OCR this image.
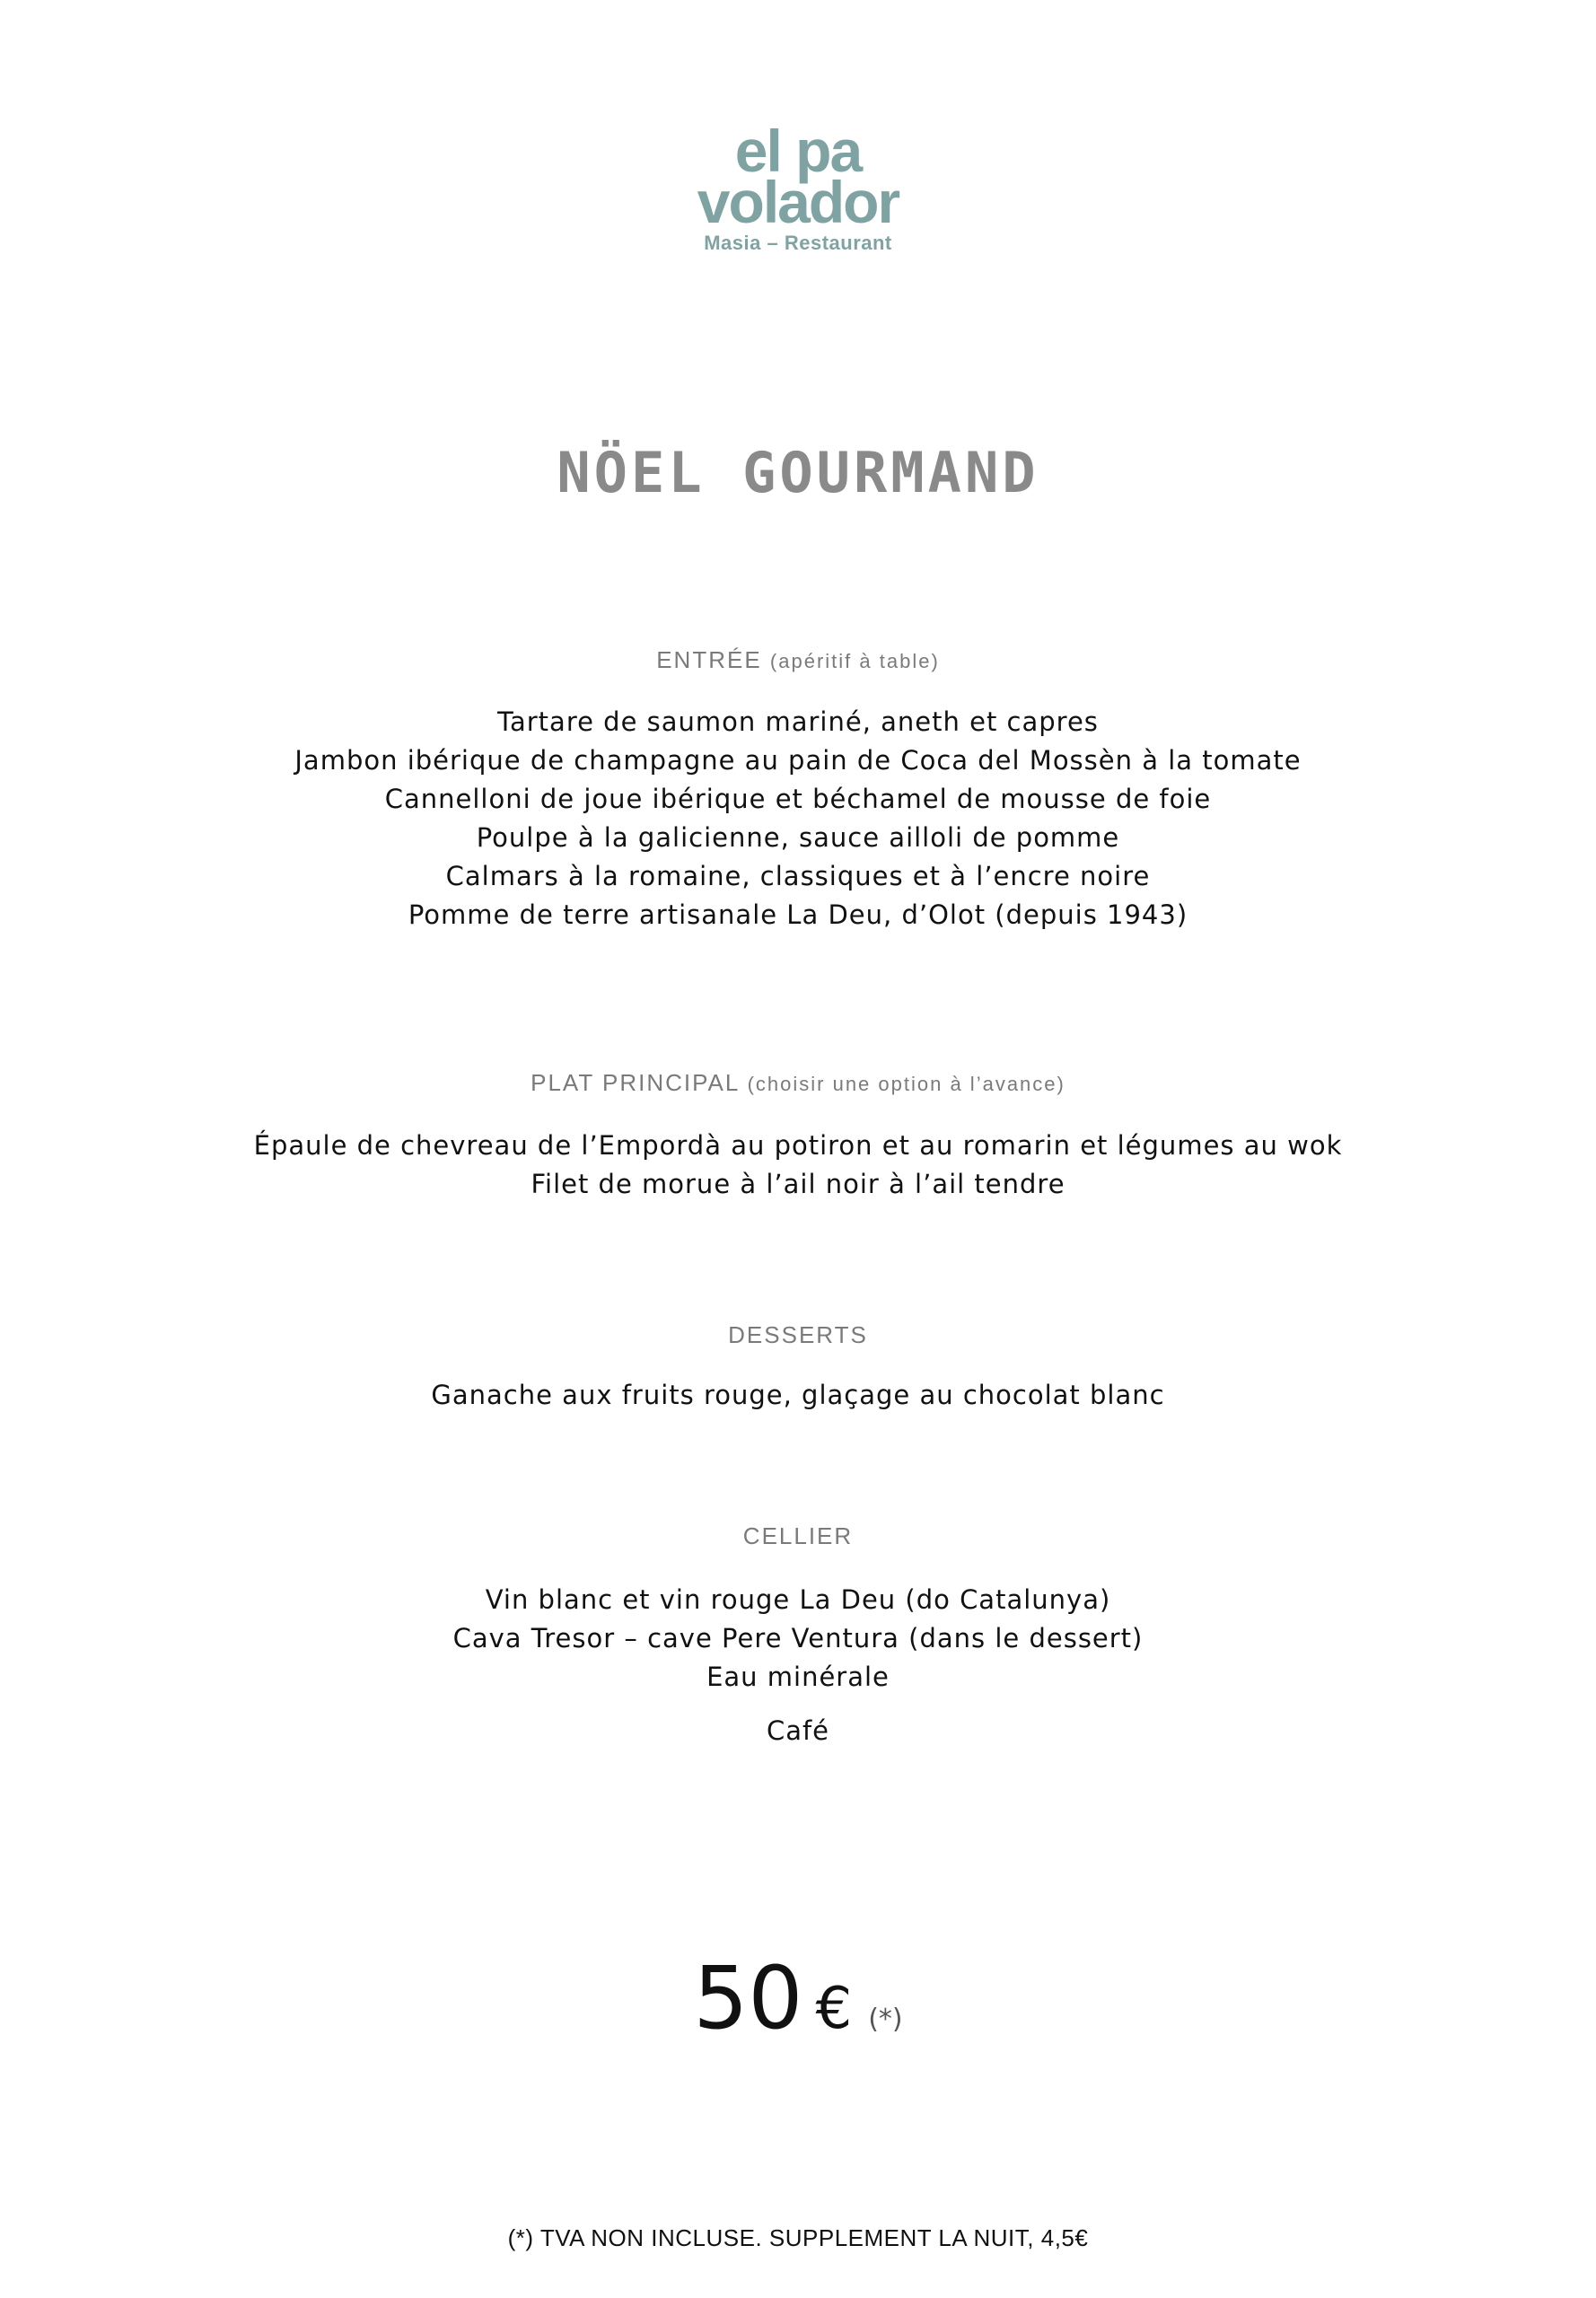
el pa
volador
Masia – Restaurant
NÖEL GOURMAND
ENTRÉE (apéritif à table)
Tartare de saumon mariné, aneth et capres
Jambon ibérique de champagne au pain de Coca del Mossèn à la tomate
Cannelloni de joue ibérique et béchamel de mousse de foie
Poulpe à la galicienne, sauce ailloli de pomme
Calmars à la romaine, classiques et à l’encre noire
Pomme de terre artisanale La Deu, d’Olot (depuis 1943)
PLAT PRINCIPAL (choisir une option à l’avance)
Épaule de chevreau de l’Empordà au potiron et au romarin et légumes au wok
Filet de morue à l’ail noir à l’ail tendre
DESSERTS
Ganache aux fruits rouge, glaçage au chocolat blanc
CELLIER
Vin blanc et vin rouge La Deu (do Catalunya)
Cava Tresor – cave Pere Ventura (dans le dessert)
Eau minérale
Café
50 € (*)
(*) TVA NON INCLUSE. SUPPLEMENT LA NUIT, 4,5€
